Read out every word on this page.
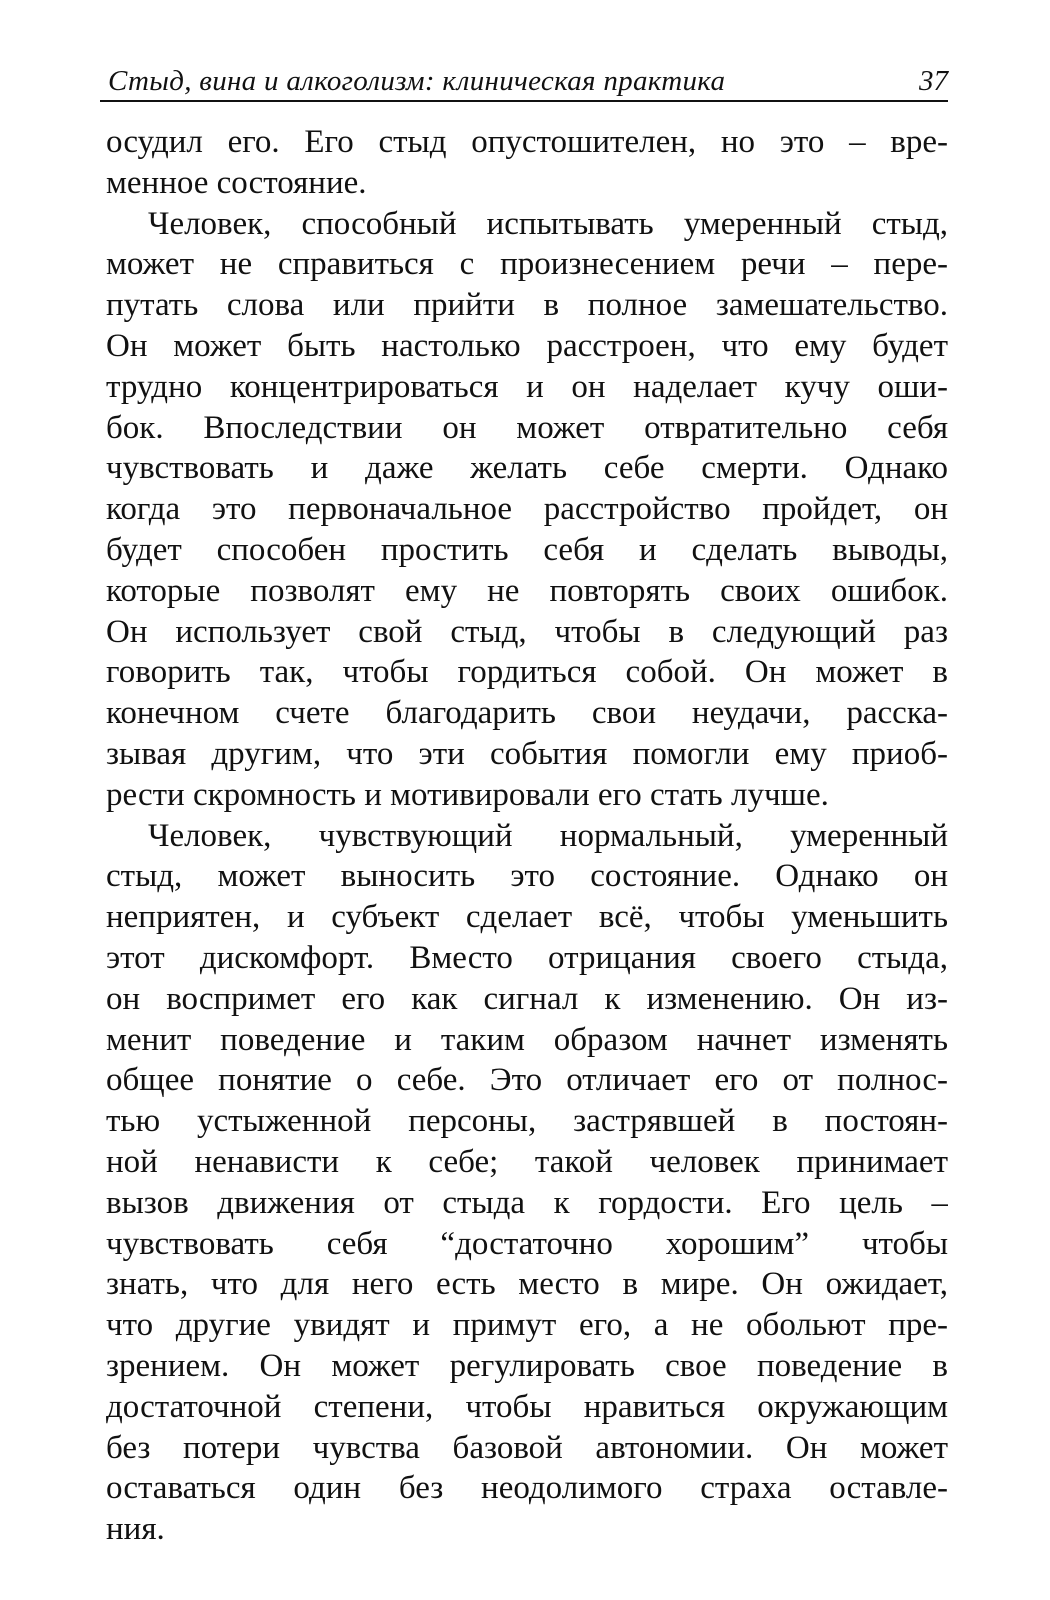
Стыд, вина и алкоголизм: клиническая практика	37
осудил его. Его стыд опустошителен, но это – вре-
менное состояние.
Человек, способный испытывать умеренный стыд,
может не справиться с произнесением речи – пере-
путать слова или прийти в полное замешательство.
Он может быть настолько расстроен, что ему будет
трудно концентрироваться и он наделает кучу оши-
бок. Впоследствии он может отвратительно себя
чувствовать и даже желать себе смерти. Однако
когда это первоначальное расстройство пройдет, он
будет способен простить себя и сделать выводы,
которые позволят ему не повторять своих ошибок.
Он использует свой стыд, чтобы в следующий раз
говорить так, чтобы гордиться собой. Он может в
конечном счете благодарить свои неудачи, расска-
зывая другим, что эти события помогли ему приоб-
рести скромность и мотивировали его стать лучше.
Человек, чувствующий нормальный, умеренный
стыд, может выносить это состояние. Однако он
неприятен, и субъект сделает всё, чтобы уменьшить
этот дискомфорт. Вместо отрицания своего стыда,
он воспримет его как сигнал к изменению. Он из-
менит поведение и таким образом начнет изменять
общее понятие о себе. Это отличает его от полнос-
тью устыженной персоны, застрявшей в постоян-
ной ненависти к себе; такой человек принимает
вызов движения от стыда к гордости. Его цель –
чувствовать себя “достаточно хорошим” чтобы
знать, что для него есть место в мире. Он ожидает,
что другие увидят и примут его, а не обольют пре-
зрением. Он может регулировать свое поведение в
достаточной степени, чтобы нравиться окружающим
без потери чувства базовой автономии. Он может
оставаться один без неодолимого страха оставле-
ния.
